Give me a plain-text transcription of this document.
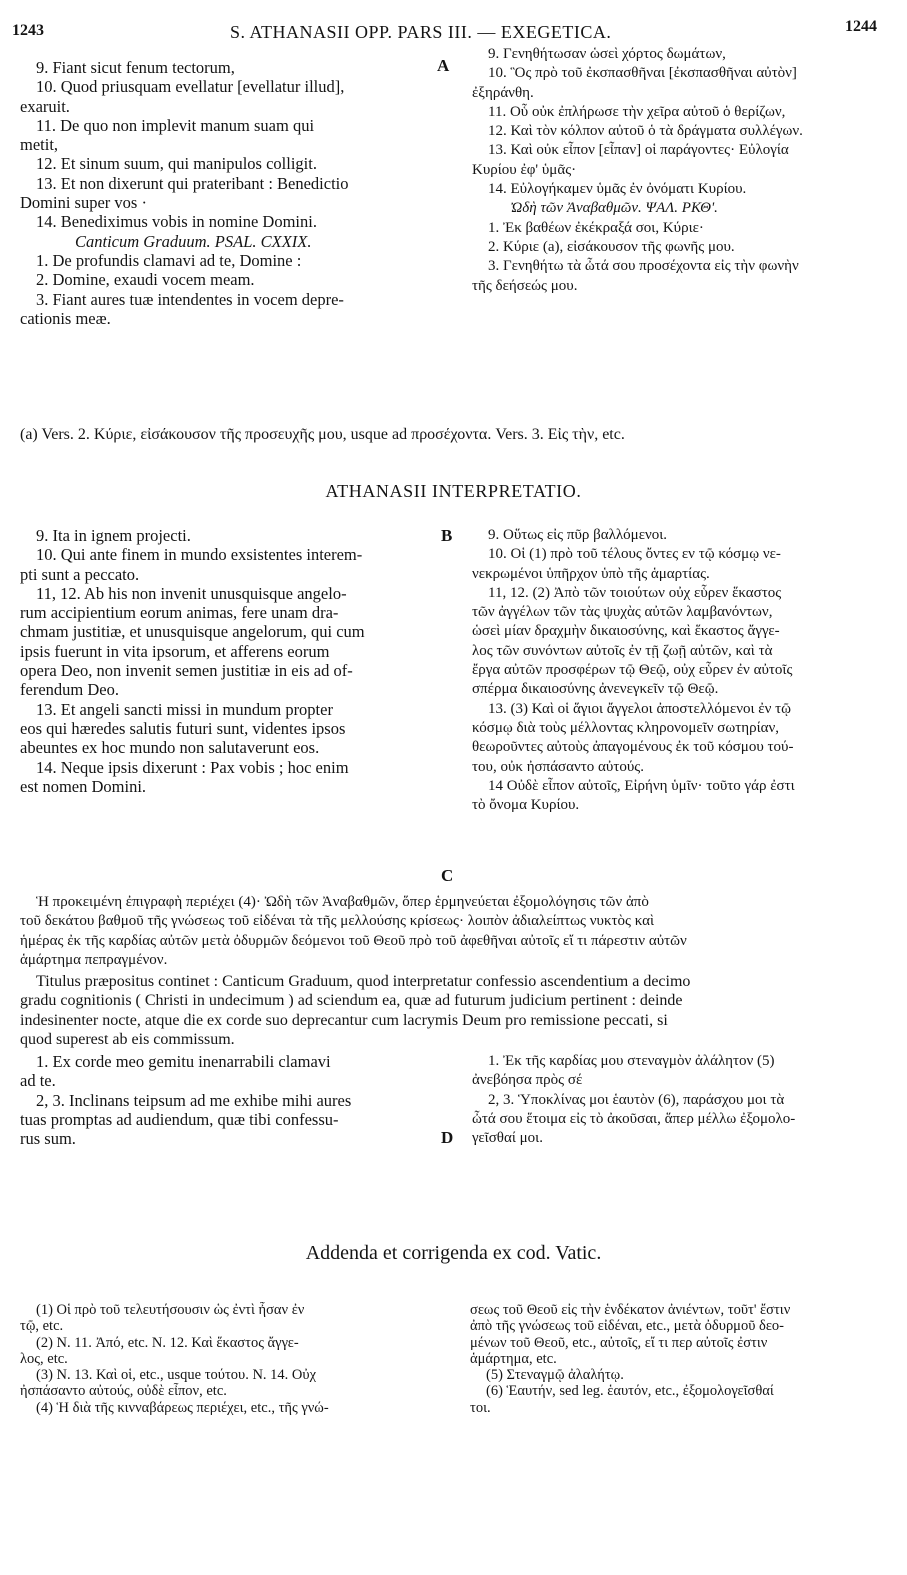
1243	S. ATHANASII OPP. PARS III. — EXEGETICA.	1244
9. Fiant sicut fenum tectorum,
10. Quod priusquam evellatur [evellatur illud],
exaruit.
11. De quo non implevit manum suam qui
metit,
12. Et sinum suum, qui manipulos colligit.
13. Et non dixerunt qui prateribant : Benedictio
Domini super vos ·
14. Benediximus vobis in nomine Domini.
Canticum Graduum. PSAL. CXXIX.
1. De profundis clamavi ad te, Domine :
2. Domine, exaudi vocem meam.
3. Fiant aures tuæ intendentes in vocem depre-
cationis meæ.
A
9. Γενηθήτωσαν ὡσεὶ χόρτος δωμάτων,
10. Ὃς πρὸ τοῦ ἐκσπασθῆναι [ἐκσπασθῆναι αὐτὸν]
ἐξηράνθη.
11. Οὗ οὐκ ἐπλήρωσε τὴν χεῖρα αὐτοῦ ὁ θερίζων,
12. Καὶ τὸν κόλπον αὐτοῦ ὁ τὰ δράγματα συλλέγων.
13. Καὶ οὐκ εἶπον [εἶπαν] οἱ παράγοντες· Εὐλογία
Κυρίου ἐφ' ὑμᾶς·
14. Εὐλογήκαμεν ὑμᾶς ἐν ὀνόματι Κυρίου.
Ὠδὴ τῶν Ἀναβαθμῶν. ΨΑΛ. ΡΚΘʹ.
1. Ἐκ βαθέων ἐκέκραξά σοι, Κύριε·
2. Κύριε (a), εἰσάκουσον τῆς φωνῆς μου.
3. Γενηθήτω τὰ ὦτά σου προσέχοντα εἰς τὴν φωνὴν
τῆς δεήσεώς μου.
(a) Vers. 2. Κύριε, εἰσάκουσον τῆς προσευχῆς μου, usque ad προσέχοντα. Vers. 3. Εἰς τὴν, etc.
ATHANASII INTERPRETATIO.
9. Ita in ignem projecti.
10. Qui ante finem in mundo exsistentes interem-
pti sunt a peccato.
11, 12. Ab his non invenit unusquisque angelo-
rum accipientium eorum animas, fere unam dra-
chmam justitiæ, et unusquisque angelorum, qui cum
ipsis fuerunt in vita ipsorum, et afferens eorum
opera Deo, non invenit semen justitiæ in eis ad of-
ferendum Deo.
13. Et angeli sancti missi in mundum propter
eos qui hæredes salutis futuri sunt, videntes ipsos
abeuntes ex hoc mundo non salutaverunt eos.
14. Neque ipsis dixerunt : Pax vobis ; hoc enim
est nomen Domini.
B	9. Οὕτως εἰς πῦρ βαλλόμενοι.
10. Οἱ (1) πρὸ τοῦ τέλους ὄντες εν τῷ κόσμῳ νε-
νεκρωμένοι ὑπῆρχον ὑπὸ τῆς ἁμαρτίας.
11, 12. (2) Ἀπὸ τῶν τοιούτων οὐχ εὗρεν ἕκαστος
τῶν ἀγγέλων τῶν τὰς ψυχὰς αὐτῶν λαμβανόντων,
ὡσεὶ μίαν δραχμὴν δικαιοσύνης, καὶ ἕκαστος ἄγγε-
λος τῶν συνόντων αὐτοῖς ἐν τῇ ζωῇ αὐτῶν, καὶ τὰ
ἔργα αὐτῶν προσφέρων τῷ Θεῷ, οὐχ εὗρεν ἐν αὐτοῖς
σπέρμα δικαιοσύνης ἀνενεγκεῖν τῷ Θεῷ.
13. (3) Καὶ οἱ ἅγιοι ἄγγελοι ἀποστελλόμενοι ἐν τῷ
κόσμῳ διὰ τοὺς μέλλοντας κληρονομεῖν σωτηρίαν,
θεωροῦντες αὐτοὺς ἀπαγομένους ἐκ τοῦ κόσμου τού-
του, οὐκ ἠσπάσαντο αὐτούς.
14 Οὐδὲ εἶπον αὐτοῖς, Εἰρήνη ὑμῖν· τοῦτο γάρ ἐστι
τὸ ὄνομα Κυρίου.
C
Ἡ προκειμένη ἐπιγραφὴ περιέχει (4)· Ὠδὴ τῶν Ἀναβαθμῶν, ὅπερ ἑρμηνεύεται ἐξομολόγησις τῶν ἀπὸ
τοῦ δεκάτου βαθμοῦ τῆς γνώσεως τοῦ εἰδέναι τὰ τῆς μελλούσης κρίσεως· λοιπὸν ἀδιαλείπτως νυκτὸς καὶ
ἡμέρας ἐκ τῆς καρδίας αὐτῶν μετὰ ὀδυρμῶν δεόμενοι τοῦ Θεοῦ πρὸ τοῦ ἀφεθῆναι αὐτοῖς εἴ τι πάρεστιν αὐτῶν
ἁμάρτημα πεπραγμένον.
Titulus præpositus continet : Canticum Graduum, quod interpretatur confessio ascendentium a decimo
gradu cognitionis ( Christi in undecimum ) ad sciendum ea, quæ ad futurum judicium pertinent : deinde
indesinenter nocte, atque die ex corde suo deprecantur cum lacrymis Deum pro remissione peccati, si
quod superest ab eis commissum.
1. Ex corde meo gemitu inenarrabili clamavi
ad te.
2, 3. Inclinans teipsum ad me exhibe mihi aures
tuas promptas ad audiendum, quæ tibi confessu-
rus sum.
1. Ἐκ τῆς καρδίας μου στεναγμὸν ἀλάλητον (5)
ἀνεβόησα πρὸς σέ
2, 3. Ὑποκλίνας μοι ἑαυτὸν (6), παράσχου μοι τὰ
ὦτά σου ἕτοιμα εἰς τὸ ἀκοῦσαι, ἅπερ μέλλω ἐξομολο-
γεῖσθαί μοι.
D
Addenda et corrigenda ex cod. Vatic.
(1) Οἱ πρὸ τοῦ τελευτήσουσιν ὡς ἐντὶ ἦσαν ἐν
τῷ, etc.
(2) N. 11. Ἀπό, etc. N. 12. Καὶ ἕκαστος ἄγγε-
λος, etc.
(3) N. 13. Καὶ οἱ, etc., usque τούτου. N. 14. Οὐχ
ἠσπάσαντο αὐτούς, οὐδὲ εἶπον, etc.
(4) Ἡ διὰ τῆς κινναβάρεως περιέχει, etc., τῆς γνώ-
σεως τοῦ Θεοῦ εἰς τὴν ἑνδέκατον ἀνιέντων, τοῦτ' ἔστιν
ἀπὸ τῆς γνώσεως τοῦ εἰδέναι, etc., μετὰ ὀδυρμοῦ δεο-
μένων τοῦ Θεοῦ, etc., αὐτοῖς, εἴ τι περ αὐτοῖς ἐστιν
ἁμάρτημα, etc.
(5) Στεναγμῷ ἀλαλήτῳ.
(6) Ἑαυτήν, sed leg. ἑαυτόν, etc., ἐξομολογεῖσθαί
τοι.
